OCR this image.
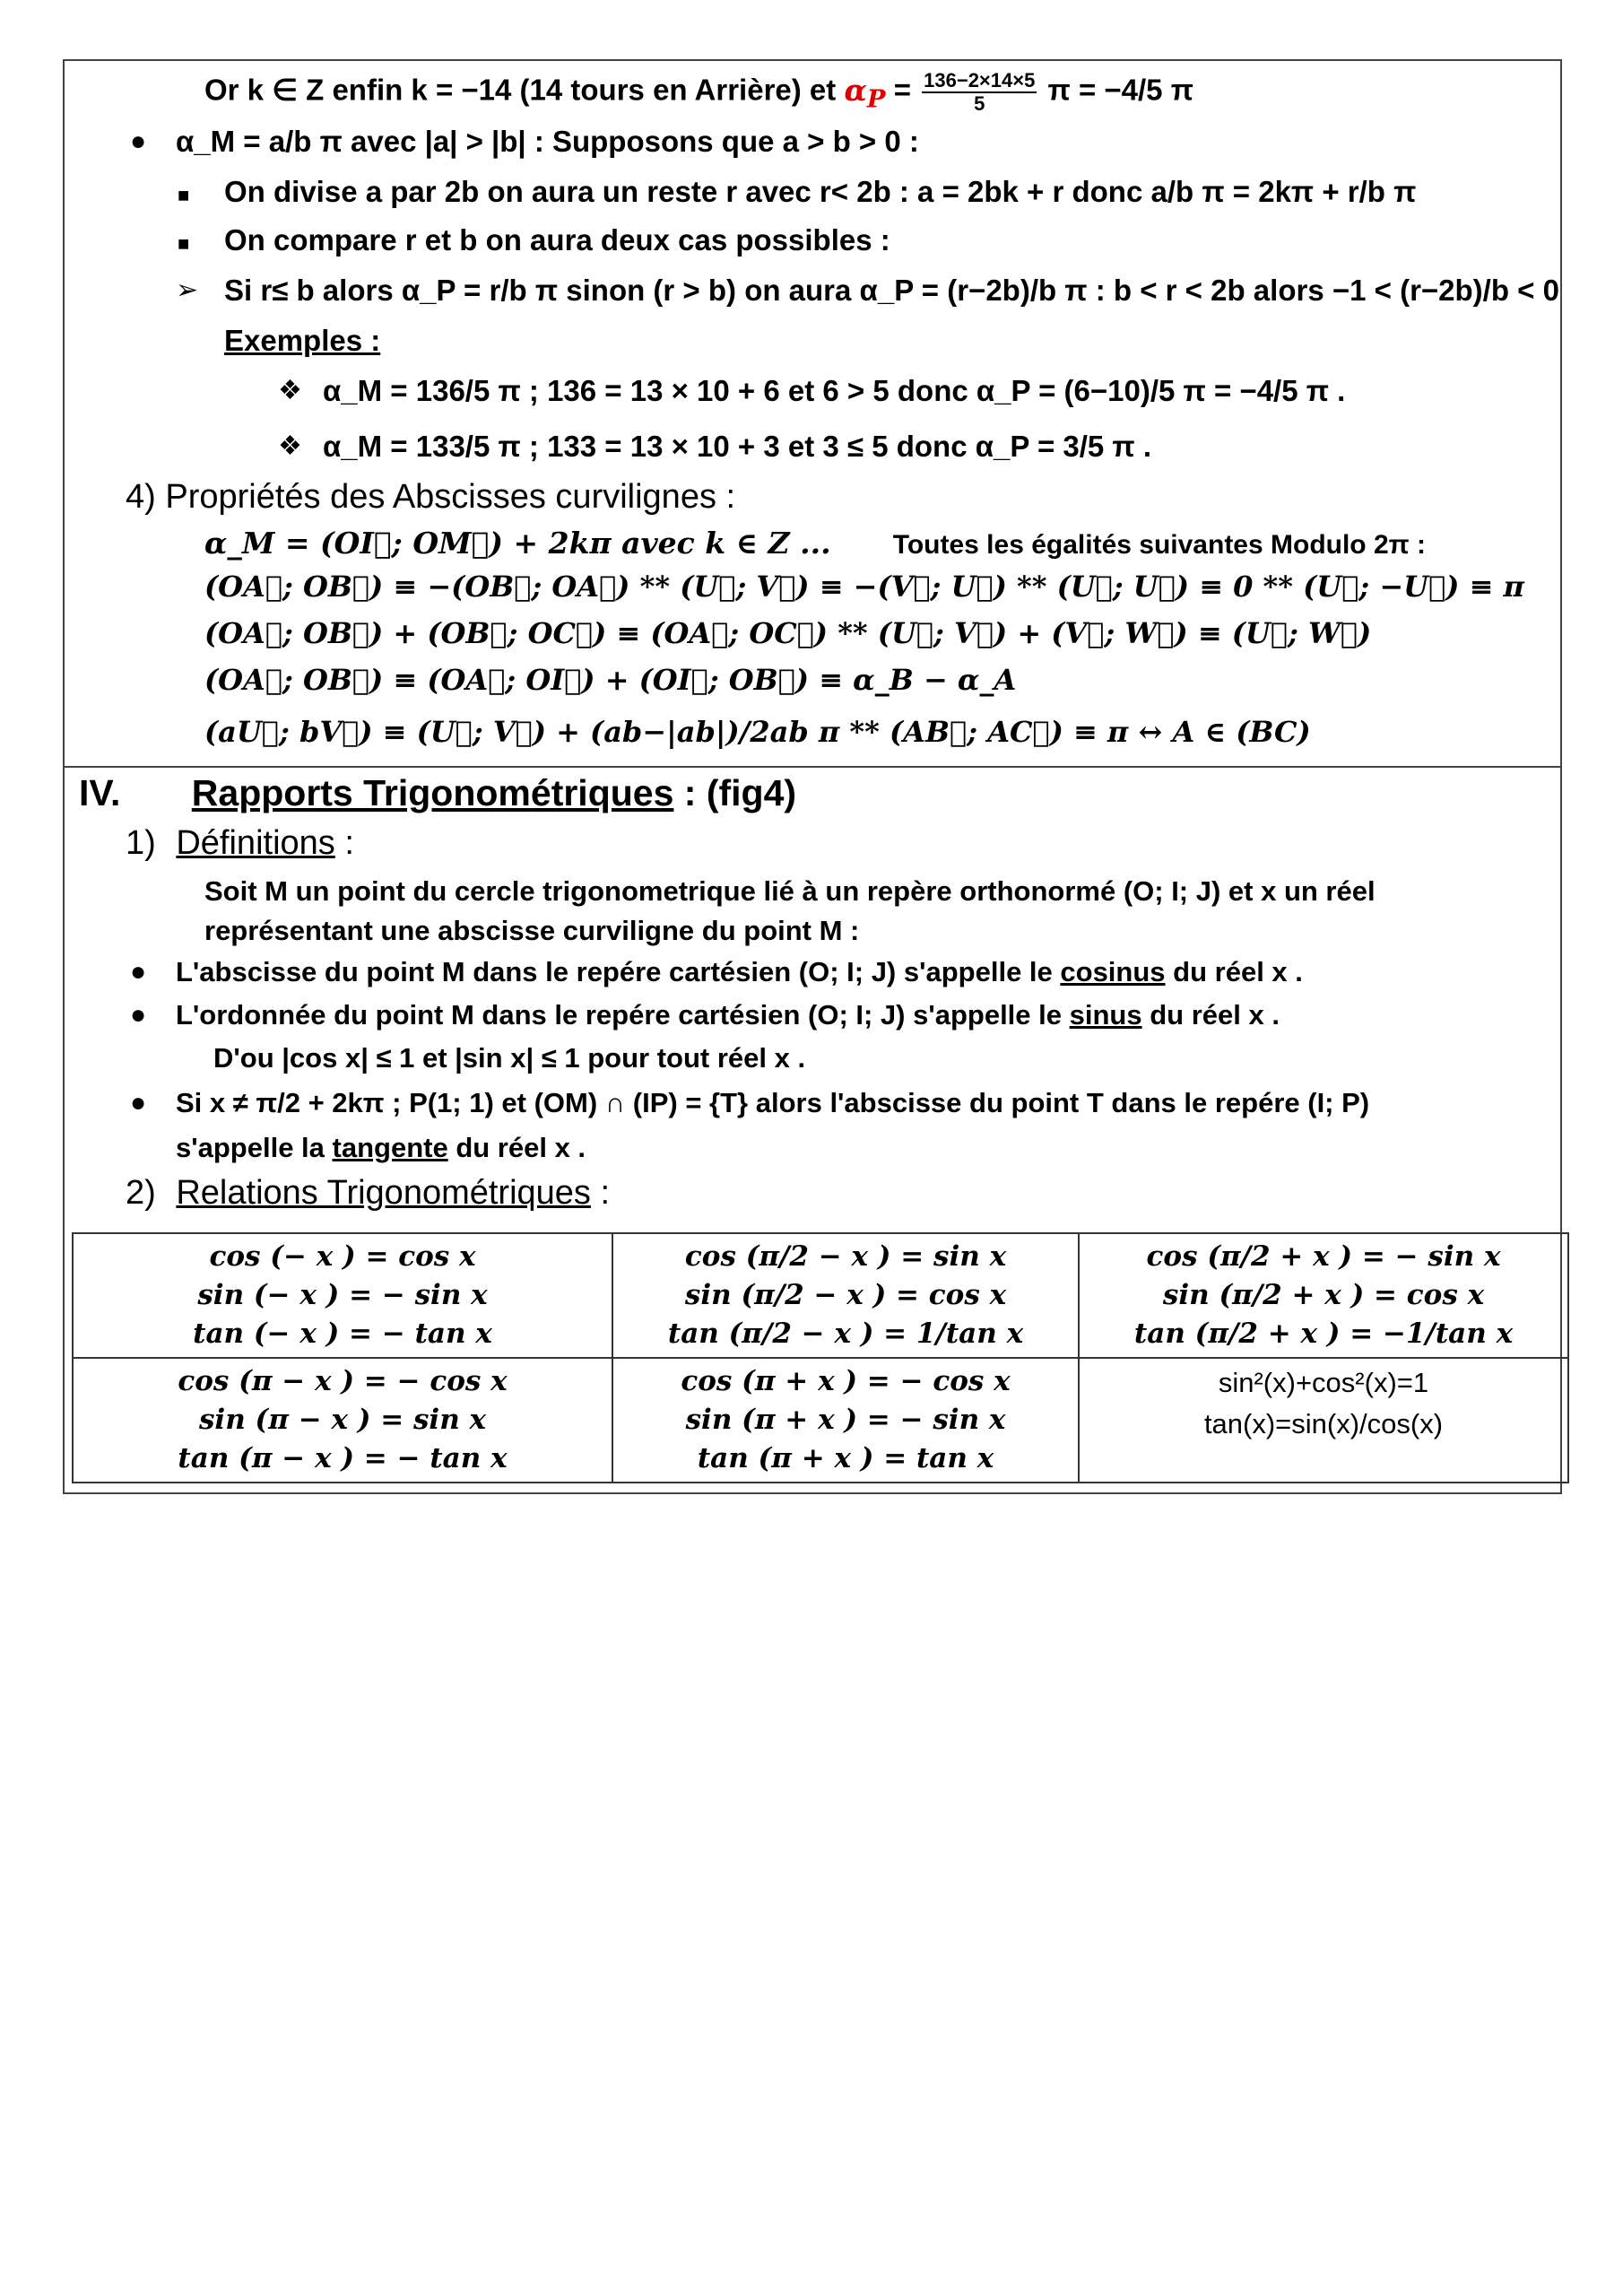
Or k ∈ Z enfin k = −14 (14 tours en Arrière) et $\alpha_P = \frac{136-2\times 14\times 5}{5}$ π = −4/5 π
● α_M = a/b π avec |a| > |b| : Supposons que a > b > 0 :
■ On divise a par 2b on aura un reste r avec r< 2b : a = 2bk + r donc a/b π = 2kπ + r/b π
■ On compare r et b on aura deux cas possibles :
➢ Si r≤ b alors α_P = r/b π sinon (r > b) on aura α_P = (r−2b)/b π : b < r < 2b alors −1 < (r−2b)/b < 0
Exemples :
❖ α_M = 136/5 π ; 136 = 13 × 10 + 6 et 6 > 5 donc α_P = (6−10)/5 π = −4/5 π .
❖ α_M = 133/5 π ; 133 = 13 × 10 + 3 et 3 ≤ 5 donc α_P = 3/5 π .
4) Propriétés des Abscisses curvilignes :
α_M = (OI⃗; OM⃗) + 2kπ avec k ∈ Z ... Toutes les égalités suivantes Modulo 2π :
(OA⃗; OB⃗) ≡ −(OB⃗; OA⃗) ** (U⃗; V⃗) ≡ −(V⃗; U⃗) ** (U⃗; U⃗) ≡ 0 ** (U⃗; −U⃗) ≡ π
(OA⃗; OB⃗) + (OB⃗; OC⃗) ≡ (OA⃗; OC⃗) ** (U⃗; V⃗) + (V⃗; W⃗) ≡ (U⃗; W⃗)
(OA⃗; OB⃗) ≡ (OA⃗; OI⃗) + (OI⃗; OB⃗) ≡ α_B − α_A
(aU⃗; bV⃗) ≡ (U⃗; V⃗) + (ab−|ab|)/2ab π ** (AB⃗; AC⃗) ≡ π ↔ A ∈ (BC)
IV. Rapports Trigonométriques : (fig4)
1) Définitions :
Soit M un point du cercle trigonometrique lié à un repère orthonormé (O; I; J) et x un réel
représentant une abscisse curviligne du point M :
● L'abscisse du point M dans le repére cartésien (O; I; J) s'appelle le cosinus du réel x .
● L'ordonnée du point M dans le repére cartésien (O; I; J) s'appelle le sinus du réel x .
D'ou |cos x| ≤ 1 et |sin x| ≤ 1 pour tout réel x .
● Si x ≠ π/2 + 2kπ ; P(1; 1) et (OM) ∩ (IP) = {T} alors l'abscisse du point T dans le repére (I; P)
s'appelle la tangente du réel x .
2) Relations Trigonométriques :
cos (− x ) = cos x
sin (− x ) = − sin x
tan (− x ) = − tan x	cos (π/2 − x ) = sin x
sin (π/2 − x ) = cos x
tan (π/2 − x ) = 1/tan x	cos (π/2 + x ) = − sin x
sin (π/2 + x ) = cos x
tan (π/2 + x ) = −1/tan x

cos (π − x ) = − cos x
sin (π − x ) = sin x
tan (π − x ) = − tan x	cos (π + x ) = − cos x
sin (π + x ) = − sin x
tan (π + x ) = tan x	sin²(x)+cos²(x)=1
tan(x)=sin(x)/cos(x)
